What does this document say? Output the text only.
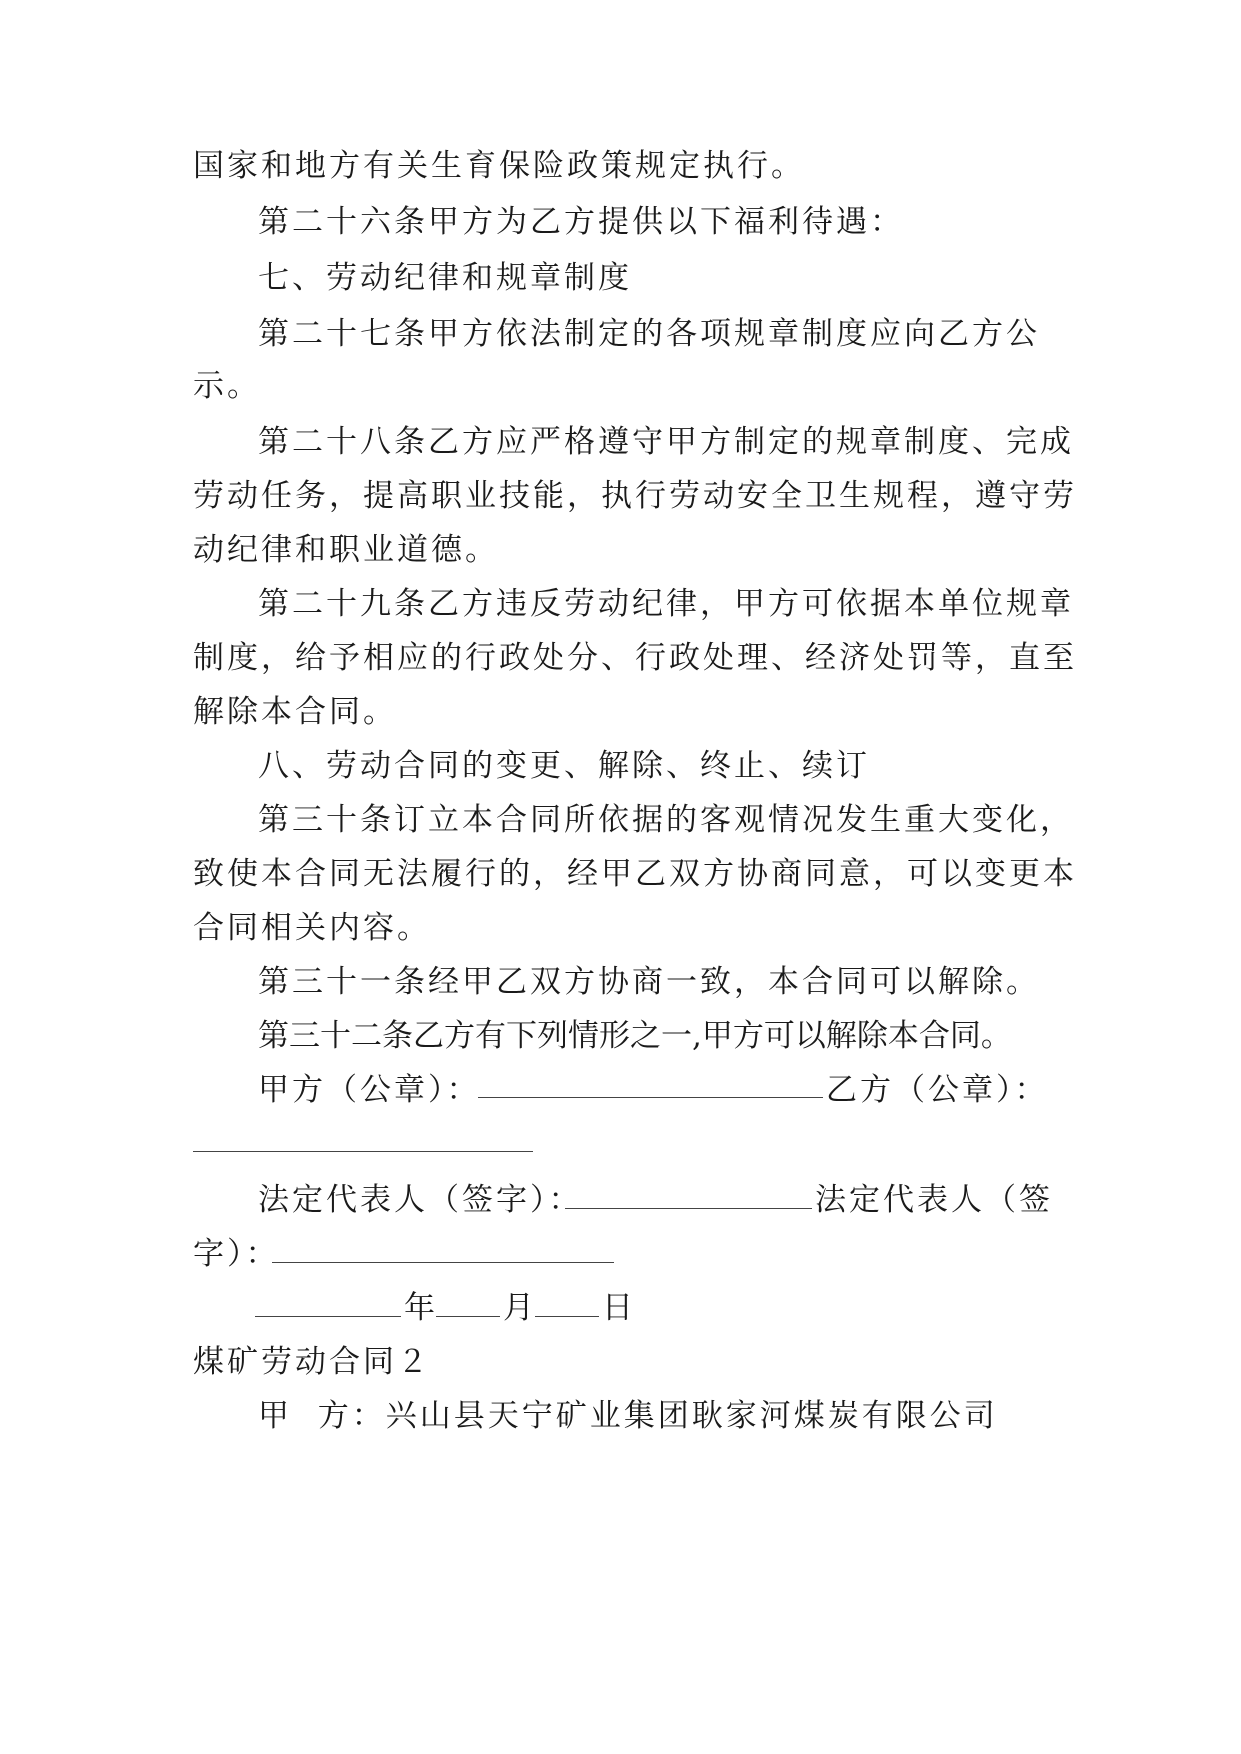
国家和地方有关生育保险政策规定执行。
第二十六条甲方为乙方提供以下福利待遇：
七、劳动纪律和规章制度
第二十七条甲方依法制定的各项规章制度应向乙方公
示。
第二十八条乙方应严格遵守甲方制定的规章制度、完成
劳动任务，提高职业技能，执行劳动安全卫生规程，遵守劳
动纪律和职业道德。
第二十九条乙方违反劳动纪律，甲方可依据本单位规章
制度，给予相应的行政处分、行政处理、经济处罚等，直至
解除本合同。
八、劳动合同的变更、解除、终止、续订
第三十条订立本合同所依据的客观情况发生重大变化，
致使本合同无法履行的，经甲乙双方协商同意，可以变更本
合同相关内容。
第三十一条经甲乙双方协商一致，本合同可以解除。
第三十二条乙方有下列情形之一,甲方可以解除本合同。
甲方（公章）：	乙方（公章）：
法定代表人（签字）：	法定代表人（签
字）：
年 月 日
煤矿劳动合同２
甲  方：兴山县天宁矿业集团耿家河煤炭有限公司
